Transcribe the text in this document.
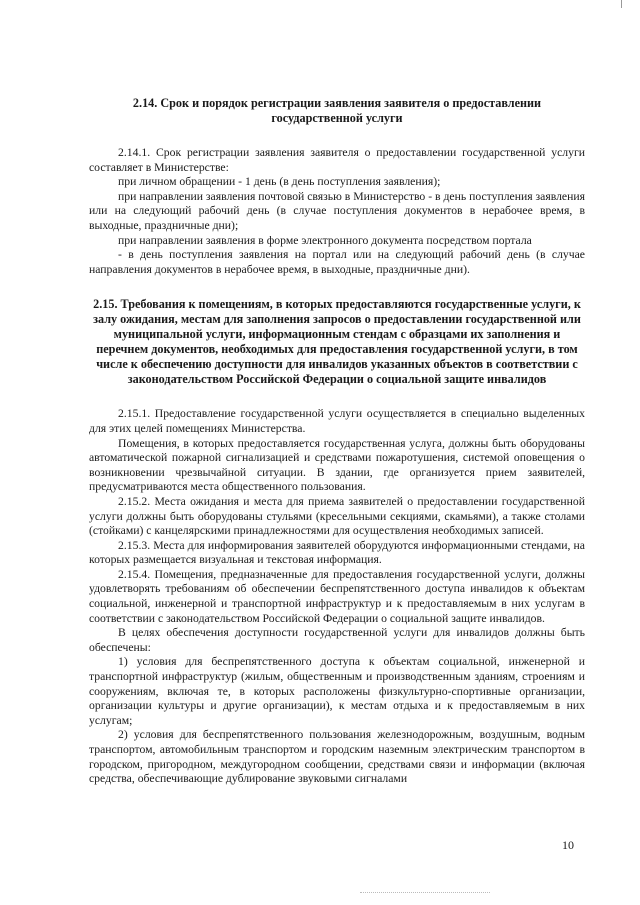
2.14. Срок и порядок регистрации заявления заявителя о предоставлении государственной услуги

2.14.1. Срок регистрации заявления заявителя о предоставлении государственной услуги составляет в Министерстве:

при личном обращении - 1 день (в день поступления заявления);

при направлении заявления почтовой связью в Министерство - в день поступления заявления или на следующий рабочий день (в случае поступления документов в нерабочее время, в выходные, праздничные дни);

при направлении заявления в форме электронного документа посредством портала

- в день поступления заявления на портал или на следующий рабочий день (в случае направления документов в нерабочее время, в выходные, праздничные дни).

2.15. Требования к помещениям, в которых предоставляются государственные услуги, к залу ожидания, местам для заполнения запросов о предоставлении государственной или муниципальной услуги, информационным стендам с образцами их заполнения и перечнем документов, необходимых для предоставления государственной услуги, в том числе к обеспечению доступности для инвалидов указанных объектов в соответствии с законодательством Российской Федерации о социальной защите инвалидов

2.15.1. Предоставление государственной услуги осуществляется в специально выделенных для этих целей помещениях Министерства.

Помещения, в которых предоставляется государственная услуга, должны быть оборудованы автоматической пожарной сигнализацией и средствами пожаротушения, системой оповещения о возникновении чрезвычайной ситуации. В здании, где организуется прием заявителей, предусматриваются места общественного пользования.

2.15.2. Места ожидания и места для приема заявителей о предоставлении государственной услуги должны быть оборудованы стульями (кресельными секциями, скамьями), а также столами (стойками) с канцелярскими принадлежностями для осуществления необходимых записей.

2.15.3. Места для информирования заявителей оборудуются информационными стендами, на которых размещается визуальная и текстовая информация.

2.15.4. Помещения, предназначенные для предоставления государственной услуги, должны удовлетворять требованиям об обеспечении беспрепятственного доступа инвалидов к объектам социальной, инженерной и транспортной инфраструктур и к предоставляемым в них услугам в соответствии с законодательством Российской Федерации о социальной защите инвалидов.

В целях обеспечения доступности государственной услуги для инвалидов должны быть обеспечены:

1) условия для беспрепятственного доступа к объектам социальной, инженерной и транспортной инфраструктур (жилым, общественным и производственным зданиям, строениям и сооружениям, включая те, в которых расположены физкультурно-спортивные организации, организации культуры и другие организации), к местам отдыха и к предоставляемым в них услугам;

2) условия для беспрепятственного пользования железнодорожным, воздушным, водным транспортом, автомобильным транспортом и городским наземным электрическим транспортом в городском, пригородном, междугородном сообщении, средствами связи и информации (включая средства, обеспечивающие дублирование звуковыми сигналами

10
